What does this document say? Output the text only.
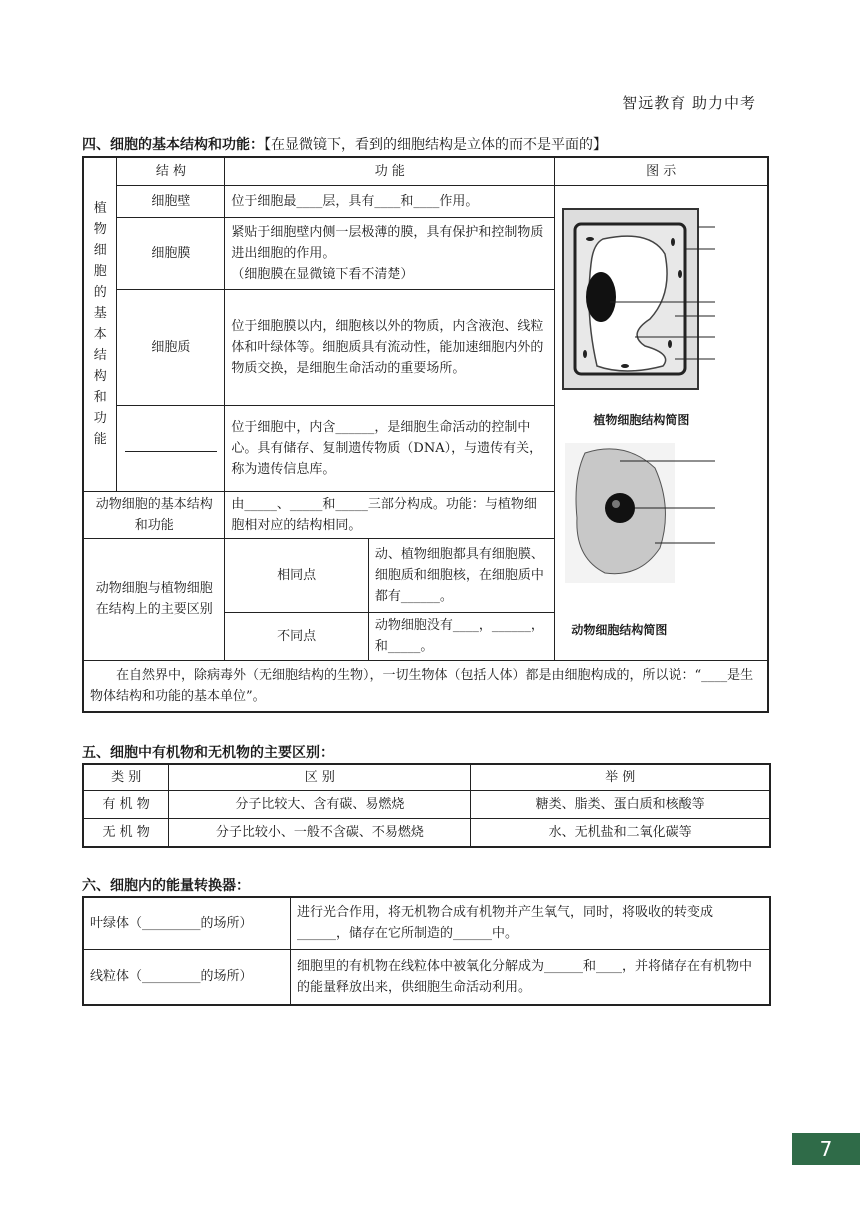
智远教育 助力中考
四、细胞的基本结构和功能：【在显微镜下，看到的细胞结构是立体的而不是平面的】
植物细胞的基本结构和功能	结 构	功 能		图 示
	细胞壁	位于细胞最____层，具有____和____作用。		植物细胞结构简图
动物细胞结构简图

	细胞膜	紧贴于细胞壁内侧一层极薄的膜，具有保护和控制物质进出细胞的作用。
（细胞膜在显微镜下看不清楚）		

	细胞质	位于细胞膜以内，细胞核以外的物质，内含液泡、线粒体和叶绿体等。细胞质具有流动性，能加速细胞内外的物质交换，是细胞生命活动的重要场所。		
		位于细胞中，内含______，是细胞生命活动的控制中心。具有储存、复制遗传物质（DNA），与遗传有关，称为遗传信息库。		
动物细胞的基本结构和功能		由_____、_____和_____三部分构成。功能：与植物细胞相对应的结构相同。		
动物细胞与植物细胞在结构上的主要区别		相同点	动、植物细胞都具有细胞膜、细胞质和细胞核，在细胞质中都有______。	
		不同点	动物细胞没有____，______，和_____。	
在自然界中，除病毒外（无细胞结构的生物），一切生物体（包括人体）都是由细胞构成的，所以说：“____是生物体结构和功能的基本单位”。				
五、细胞中有机物和无机物的主要区别：
类 别	区 别	举 例
有 机 物	分子比较大、含有碳、易燃烧	糖类、脂类、蛋白质和核酸等
无 机 物	分子比较小、一般不含碳、不易燃烧	水、无机盐和二氧化碳等
六、细胞内的能量转换器：
叶绿体（_________的场所）	进行光合作用，将无机物合成有机物并产生氧气，同时，将吸收的转变成______，储存在它所制造的______中。
线粒体（_________的场所）	细胞里的有机物在线粒体中被氧化分解成为______和____，并将储存在有机物中的能量释放出来，供细胞生命活动利用。
7
